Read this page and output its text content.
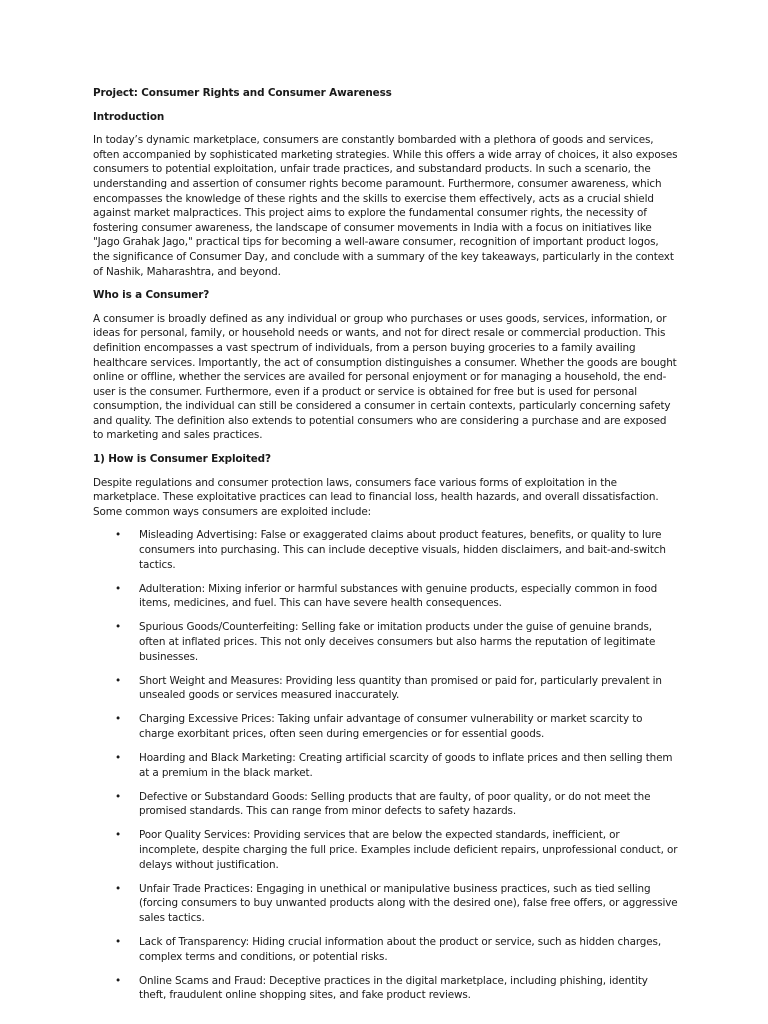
Project: Consumer Rights and Consumer Awareness
Introduction
In today’s dynamic marketplace, consumers are constantly bombarded with a plethora of goods and services, often accompanied by sophisticated marketing strategies. While this offers a wide array of choices, it also exposes consumers to potential exploitation, unfair trade practices, and substandard products. In such a scenario, the understanding and assertion of consumer rights become paramount. Furthermore, consumer awareness, which encompasses the knowledge of these rights and the skills to exercise them effectively, acts as a crucial shield against market malpractices. This project aims to explore the fundamental consumer rights, the necessity of fostering consumer awareness, the landscape of consumer movements in India with a focus on initiatives like "Jago Grahak Jago," practical tips for becoming a well-aware consumer, recognition of important product logos, the significance of Consumer Day, and conclude with a summary of the key takeaways, particularly in the context of Nashik, Maharashtra, and beyond.
Who is a Consumer?
A consumer is broadly defined as any individual or group who purchases or uses goods, services, information, or ideas for personal, family, or household needs or wants, and not for direct resale or commercial production. This definition encompasses a vast spectrum of individuals, from a person buying groceries to a family availing healthcare services. Importantly, the act of consumption distinguishes a consumer. Whether the goods are bought online or offline, whether the services are availed for personal enjoyment or for managing a household, the end-user is the consumer. Furthermore, even if a product or service is obtained for free but is used for personal consumption, the individual can still be considered a consumer in certain contexts, particularly concerning safety and quality. The definition also extends to potential consumers who are considering a purchase and are exposed to marketing and sales practices.
1) How is Consumer Exploited?
Despite regulations and consumer protection laws, consumers face various forms of exploitation in the marketplace. These exploitative practices can lead to financial loss, health hazards, and overall dissatisfaction. Some common ways consumers are exploited include:
• Misleading Advertising: False or exaggerated claims about product features, benefits, or quality to lure consumers into purchasing. This can include deceptive visuals, hidden disclaimers, and bait-and-switch tactics.
• Adulteration: Mixing inferior or harmful substances with genuine products, especially common in food items, medicines, and fuel. This can have severe health consequences.
• Spurious Goods/Counterfeiting: Selling fake or imitation products under the guise of genuine brands, often at inflated prices. This not only deceives consumers but also harms the reputation of legitimate businesses.
• Short Weight and Measures: Providing less quantity than promised or paid for, particularly prevalent in unsealed goods or services measured inaccurately.
• Charging Excessive Prices: Taking unfair advantage of consumer vulnerability or market scarcity to charge exorbitant prices, often seen during emergencies or for essential goods.
• Hoarding and Black Marketing: Creating artificial scarcity of goods to inflate prices and then selling them at a premium in the black market.
• Defective or Substandard Goods: Selling products that are faulty, of poor quality, or do not meet the promised standards. This can range from minor defects to safety hazards.
• Poor Quality Services: Providing services that are below the expected standards, inefficient, or incomplete, despite charging the full price. Examples include deficient repairs, unprofessional conduct, or delays without justification.
• Unfair Trade Practices: Engaging in unethical or manipulative business practices, such as tied selling (forcing consumers to buy unwanted products along with the desired one), false free offers, or aggressive sales tactics.
• Lack of Transparency: Hiding crucial information about the product or service, such as hidden charges, complex terms and conditions, or potential risks.
• Online Scams and Fraud: Deceptive practices in the digital marketplace, including phishing, identity theft, fraudulent online shopping sites, and fake product reviews.
